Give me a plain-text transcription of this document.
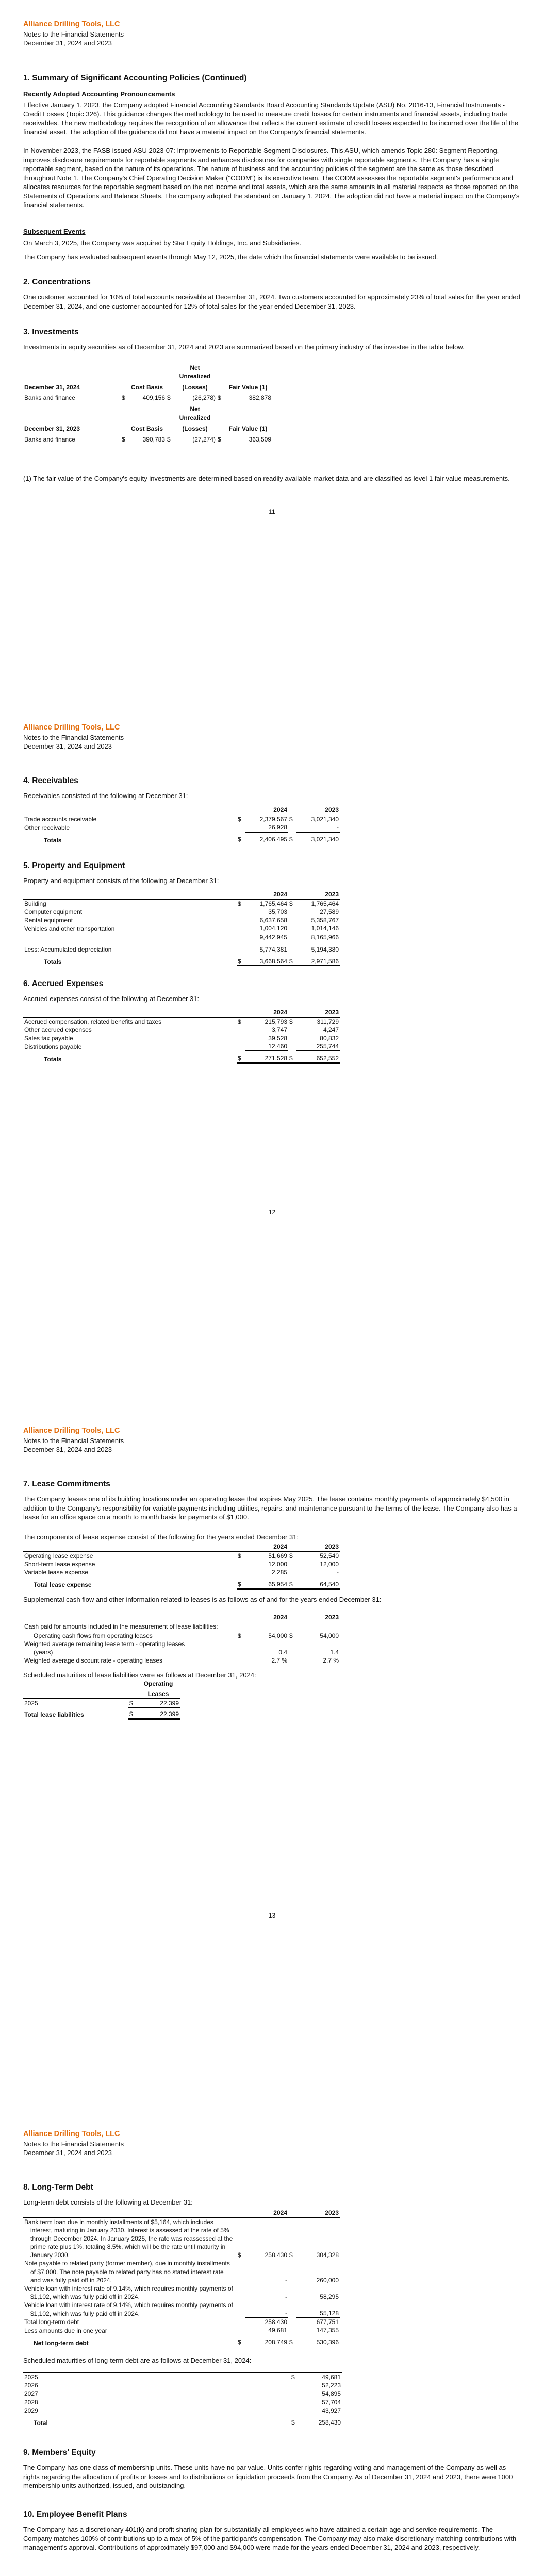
Alliance Drilling Tools, LLC
Notes to the Financial Statements
December 31, 2024 and 2023
1. Summary of Significant Accounting Policies (Continued)
Recently Adopted Accounting Pronouncements

Effective January 1, 2023, the Company adopted Financial Accounting Standards Board Accounting Standards Update (ASU) No. 2016-13, Financial Instruments - Credit Losses (Topic 326). This guidance changes the methodology to be used to measure credit losses for certain instruments and financial assets, including trade receivables. The new methodology requires the recognition of an allowance that reflects the current estimate of credit losses expected to be incurred over the life of the financial asset. The adoption of the guidance did not have a material impact on the Company's financial statements.

In November 2023, the FASB issued ASU 2023-07: Improvements to Reportable Segment Disclosures. This ASU, which amends Topic 280: Segment Reporting, improves disclosure requirements for reportable segments and enhances disclosures for companies with single reportable segments. The Company has a single reportable segment, based on the nature of its operations. The nature of business and the accounting policies of the segment are the same as those described throughout Note 1. The Company's Chief Operating Decision Maker ("CODM") is its executive team. The CODM assesses the reportable segment's performance and allocates resources for the reportable segment based on the net income and total assets, which are the same amounts in all material respects as those reported on the Statements of Operations and Balance Sheets. The company adopted the standard on January 1, 2024. The adoption did not have a material impact on the Company's financial statements.

Subsequent Events

On March 3, 2025, the Company was acquired by Star Equity Holdings, Inc. and Subsidiaries.

The Company has evaluated subsequent events through May 12, 2025, the date which the financial statements were available to be issued.

2. Concentrations

One customer accounted for 10% of total accounts receivable at December 31, 2024. Two customers accounted for approximately 23% of total sales for the year ended December 31, 2024, and one customer accounted for 12% of total sales for the year ended December 31, 2023.

3. Investments

Investments in equity securities as of December 31, 2024 and 2023 are summarized based on the primary industry of the investee in the table below.

				Net		
				Unrealized		
December 31, 2024		Cost Basis		(Losses)		Fair Value (1)
Banks and finance	$	409,156	$	(26,278)	$	382,878

				Net		
				Unrealized		
December 31, 2023		Cost Basis		(Losses)		Fair Value (1)
Banks and finance	$	390,783	$	(27,274)	$	363,509

(1) The fair value of the Company's equity investments are determined based on readily available market data and are classified as level 1 fair value measurements.

11
Alliance Drilling Tools, LLC
Notes to the Financial Statements
December 31, 2024 and 2023
4. Receivables

Receivables consisted of the following at December 31:

		2024		2023
Trade accounts receivable	$	2,379,567	$	3,021,340
Other receivable		26,928		-
Totals	$	2,406,495	$	3,021,340
5. Property and Equipment

Property and equipment consists of the following at December 31:

		2024		2023
Building	$	1,765,464	$	1,765,464
Computer equipment		35,703		27,589
Rental equipment		6,637,658		5,358,767
Vehicles and other transportation		1,004,120		1,014,146
		9,442,945		8,165,966
Less: Accumulated depreciation		5,774,381		5,194,380
Totals	$	3,668,564	$	2,971,586
6. Accrued Expenses

Accrued expenses consist of the following at December 31:

		2024		2023
Accrued compensation, related benefits and taxes	$	215,793	$	311,729
Other accrued expenses		3,747		4,247
Sales tax payable		39,528		80,832
Distributions payable		12,460		255,744
Totals	$	271,528	$	652,552
12
Alliance Drilling Tools, LLC
Notes to the Financial Statements
December 31, 2024 and 2023
7. Lease Commitments

The Company leases one of its building locations under an operating lease that expires May 2025. The lease contains monthly payments of approximately $4,500 in addition to the Company's responsibility for variable payments including utilities, repairs, and maintenance pursuant to the terms of the lease. The Company also has a lease for an office space on a month to month basis for payments of $1,000.

The components of lease expense consist of the following for the years ended December 31:

		2024		2023
Operating lease expense	$	51,669	$	52,540
Short-term lease expense		12,000		12,000
Variable lease expense		2,285		-
Total lease expense	$	65,954	$	64,540

Supplemental cash flow and other information related to leases is as follows as of and for the years ended December 31:

		2024		2023
Cash paid for amounts included in the measurement of lease liabilities:				
Operating cash flows from operating leases	$	54,000	$	54,000
Weighted average remaining lease term - operating leases				
(years)		0.4		1.4
Weighted average discount rate - operating leases		2.7 %		2.7 %

Scheduled maturities of lease liabilities were as follows at December 31, 2024:

		Operating
		Leases
2025	$	22,399
Total lease liabilities	$	22,399
13
Alliance Drilling Tools, LLC
Notes to the Financial Statements
December 31, 2024 and 2023
8. Long-Term Debt

Long-term debt consists of the following at December 31:

		2024		2023
Bank term loan due in monthly installments of $5,164, which includes interest, maturing in January 2030. Interest is assessed at the rate of 5% through December 2024. In January 2025, the rate was reassessed at the prime rate plus 1%, totaling 8.5%, which will be the rate until maturity in January 2030.	$	258,430	$	304,328
Note payable to related party (former member), due in monthly installments of $7,000. The note payable to related party has no stated interest rate and was fully paid off in 2024.		-		260,000
Vehicle loan with interest rate of 9.14%, which requires monthly payments of $1,102, which was fully paid off in 2024.		-		58,295
Vehicle loan with interest rate of 9.14%, which requires monthly payments of $1,102, which was fully paid off in 2024.		-		55,128
Total long-term debt		258,430		677,751
Less amounts due in one year		49,681		147,355
Net long-term debt	$	208,749	$	530,396

Scheduled maturities of long-term debt are as follows at December 31, 2024:

2025	$	49,681
2026		52,223
2027		54,895
2028		57,704
2029		43,927
Total	$	258,430
9. Members' Equity

The Company has one class of membership units. These units have no par value. Units confer rights regarding voting and management of the Company as well as rights regarding the allocation of profits or losses and to distributions or liquidation proceeds from the Company. As of December 31, 2024 and 2023, there were 1000 membership units authorized, issued, and outstanding.

10. Employee Benefit Plans

The Company has a discretionary 401(k) and profit sharing plan for substantially all employees who have attained a certain age and service requirements. The Company matches 100% of contributions up to a max of 5% of the participant's compensation. The Company may also make discretionary matching contributions with management's approval. Contributions of approximately $97,000 and $94,000 were made for the years ended December 31, 2024 and 2023, respectively.
